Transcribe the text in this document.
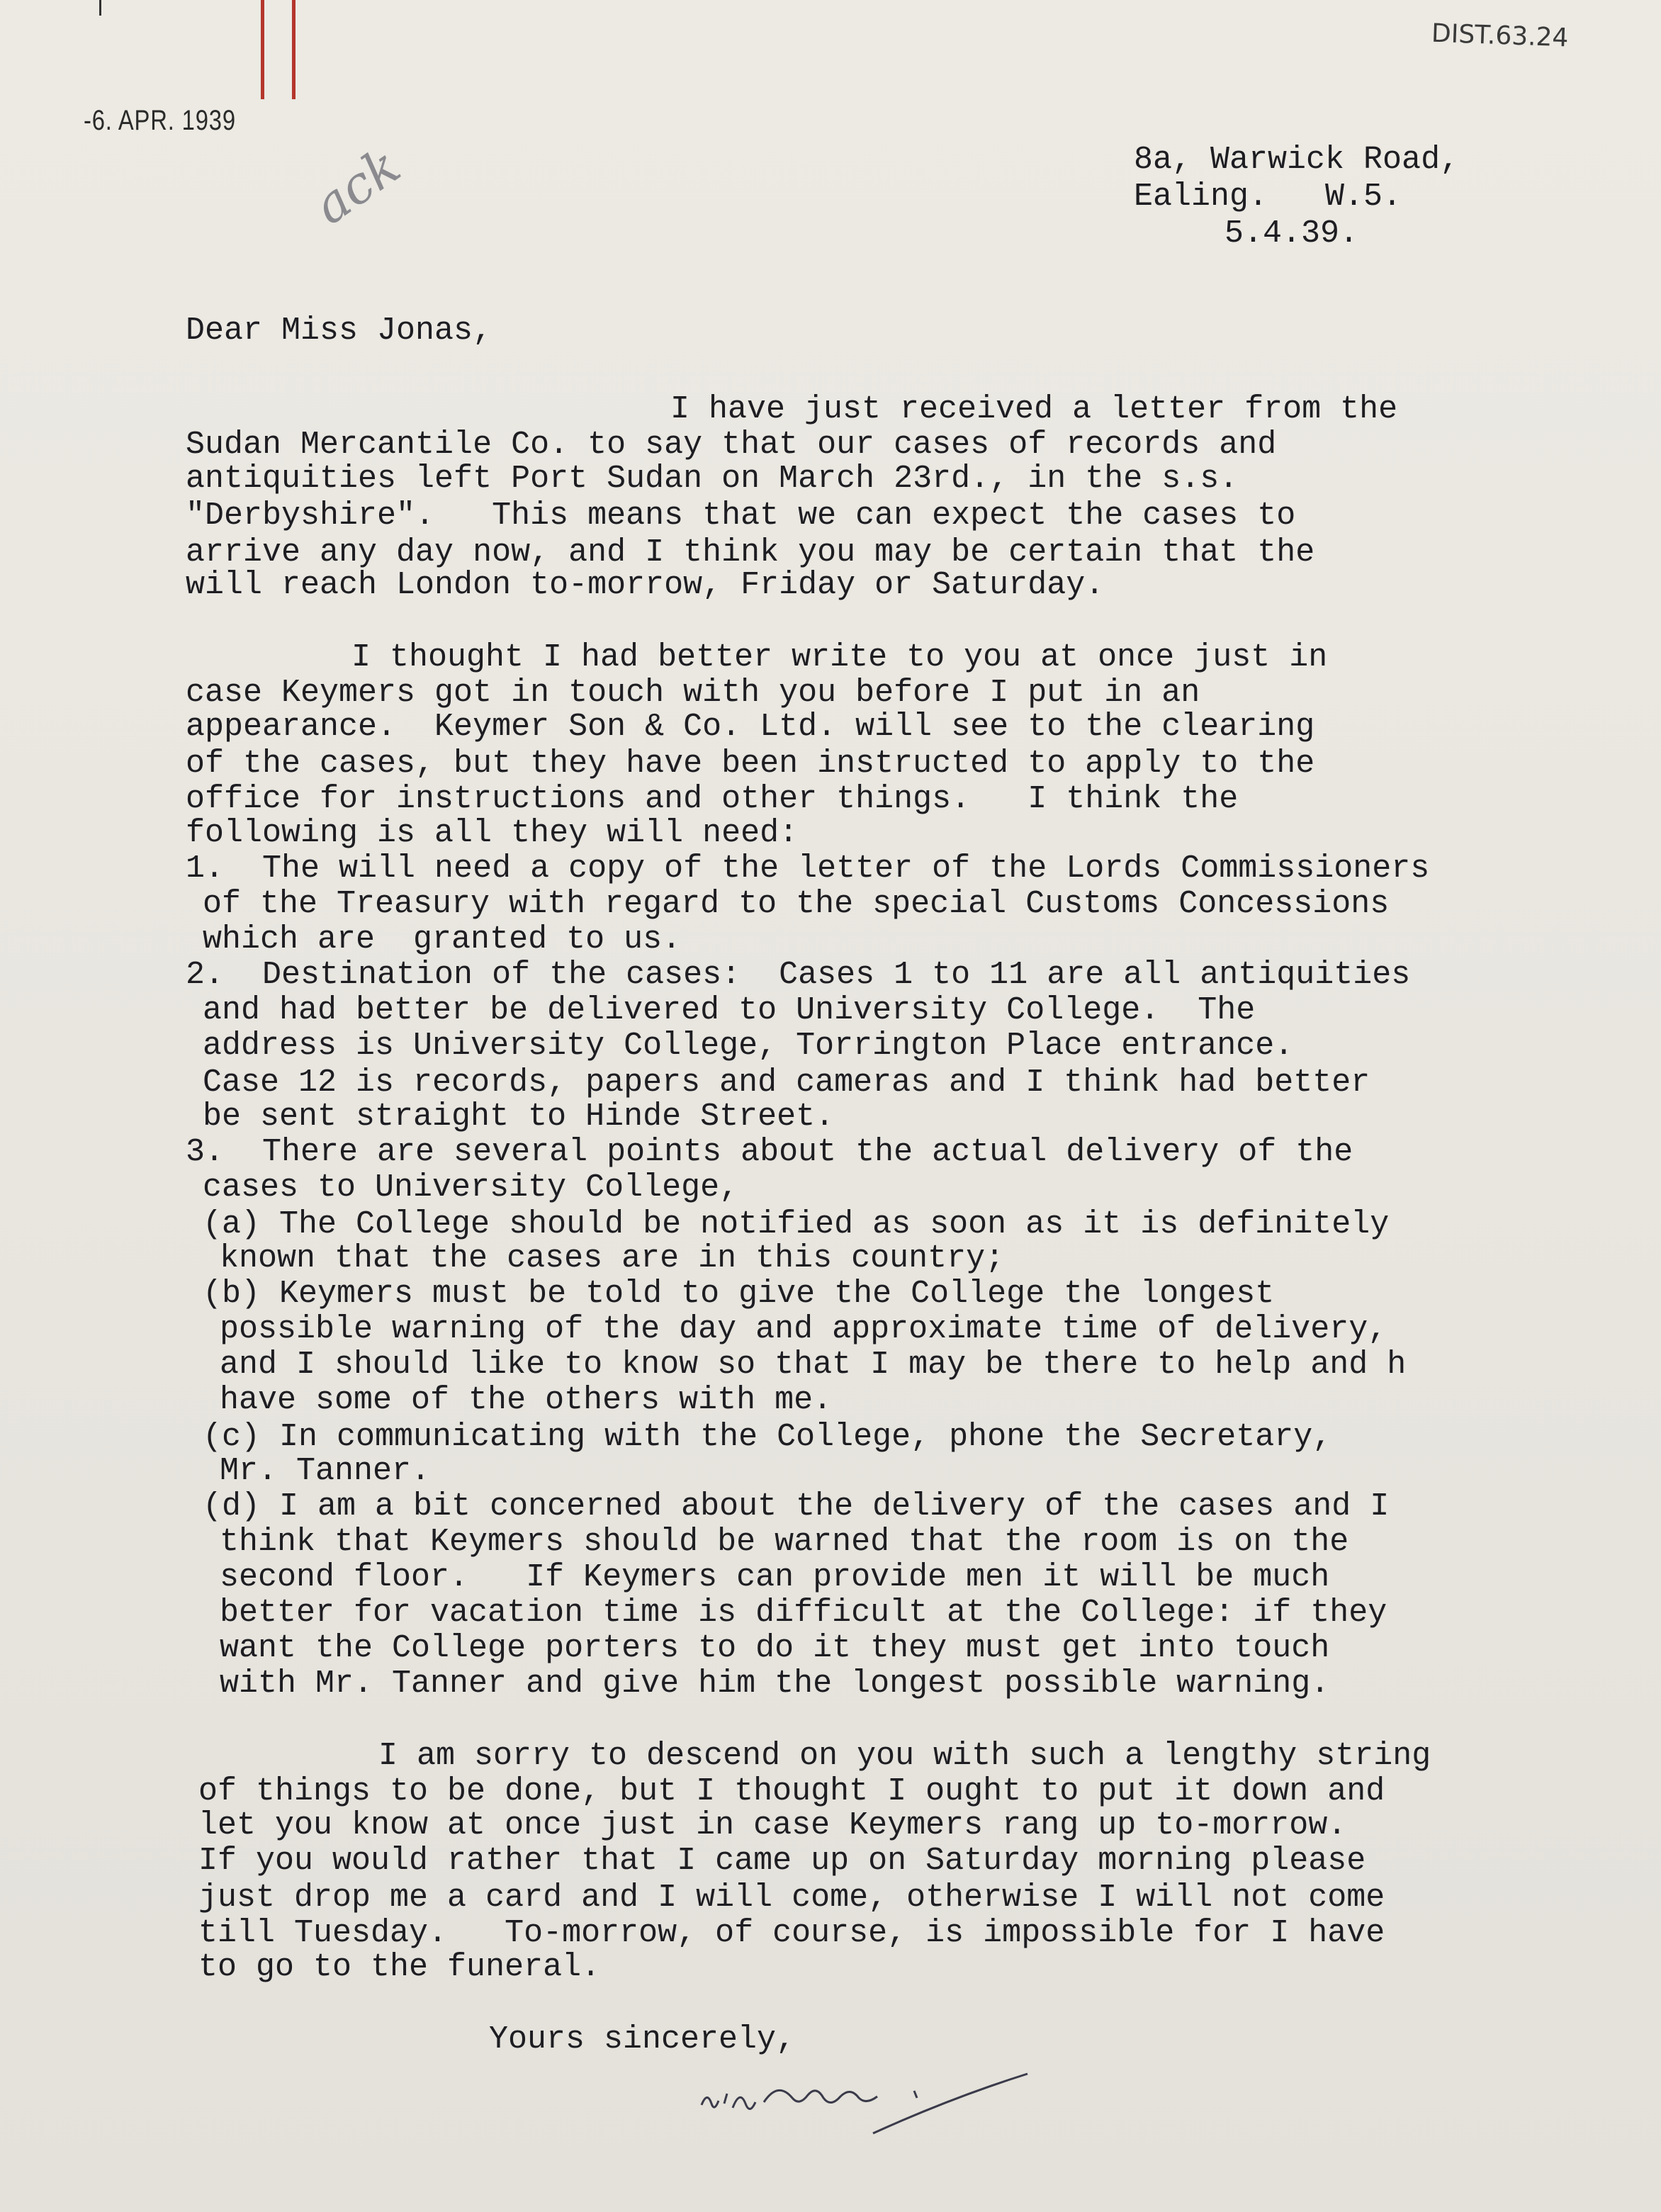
-6. APR. 1939
DIST.63.24
ack	8a, Warwick Road,
Ealing.   W.5.
5.4.39.
Dear Miss Jonas,
I have just received a letter from the
Sudan Mercantile Co. to say that our cases of records and
antiquities left Port Sudan on March 23rd., in the s.s.
"Derbyshire".   This means that we can expect the cases to
arrive any day now, and I think you may be certain that the
will reach London to-morrow, Friday or Saturday.
I thought I had better write to you at once just in
case Keymers got in touch with you before I put in an
appearance.  Keymer Son & Co. Ltd. will see to the clearing
of the cases, but they have been instructed to apply to the
office for instructions and other things.   I think the
following is all they will need:
1.  The will need a copy of the letter of the Lords Commissioners
of the Treasury with regard to the special Customs Concessions
which are  granted to us.
2.  Destination of the cases:  Cases 1 to 11 are all antiquities
and had better be delivered to University College.  The
address is University College, Torrington Place entrance.
Case 12 is records, papers and cameras and I think had better
be sent straight to Hinde Street.
3.  There are several points about the actual delivery of the
cases to University College,
(a) The College should be notified as soon as it is definitely
known that the cases are in this country;
(b) Keymers must be told to give the College the longest
possible warning of the day and approximate time of delivery,
and I should like to know so that I may be there to help and h
have some of the others with me.
(c) In communicating with the College, phone the Secretary,
Mr. Tanner.
(d) I am a bit concerned about the delivery of the cases and I
think that Keymers should be warned that the room is on the
second floor.   If Keymers can provide men it will be much
better for vacation time is difficult at the College: if they
want the College porters to do it they must get into touch
with Mr. Tanner and give him the longest possible warning.
I am sorry to descend on you with such a lengthy string
of things to be done, but I thought I ought to put it down and
let you know at once just in case Keymers rang up to-morrow.
If you would rather that I came up on Saturday morning please
just drop me a card and I will come, otherwise I will not come
till Tuesday.   To-morrow, of course, is impossible for I have
to go to the funeral.
Yours sincerely,
